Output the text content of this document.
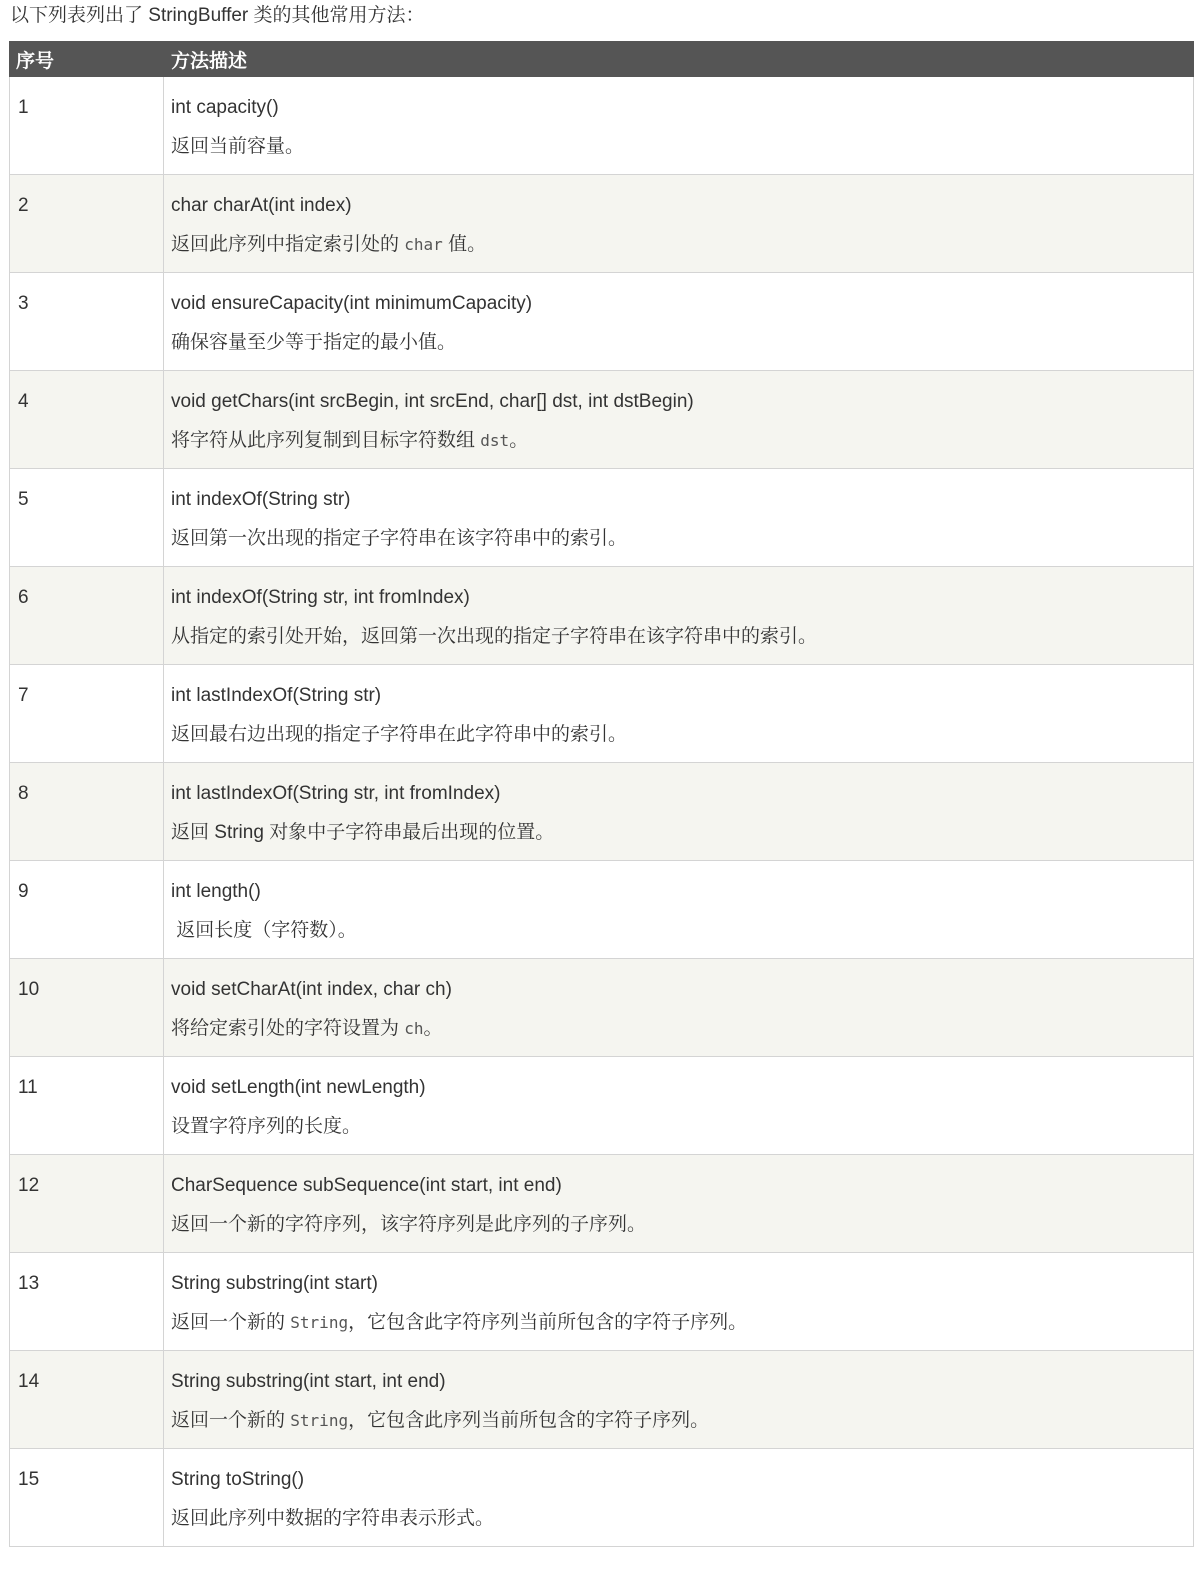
以下列表列出了 StringBuffer 类的其他常用方法：
序号	方法描述
1	int capacity()
返回当前容量。

2	char charAt(int index)
返回此序列中指定索引处的 char 值。

3	void ensureCapacity(int minimumCapacity)
确保容量至少等于指定的最小值。

4	void getChars(int srcBegin, int srcEnd, char[] dst, int dstBegin)
将字符从此序列复制到目标字符数组 dst。

5	int indexOf(String str)
返回第一次出现的指定子字符串在该字符串中的索引。

6	int indexOf(String str, int fromIndex)
从指定的索引处开始，返回第一次出现的指定子字符串在该字符串中的索引。

7	int lastIndexOf(String str)
返回最右边出现的指定子字符串在此字符串中的索引。

8	int lastIndexOf(String str, int fromIndex)
返回 String 对象中子字符串最后出现的位置。

9	int length()
返回长度（字符数）。

10	void setCharAt(int index, char ch)
将给定索引处的字符设置为 ch。

11	void setLength(int newLength)
设置字符序列的长度。

12	CharSequence subSequence(int start, int end)
返回一个新的字符序列，该字符序列是此序列的子序列。

13	String substring(int start)
返回一个新的 String，它包含此字符序列当前所包含的字符子序列。

14	String substring(int start, int end)
返回一个新的 String，它包含此序列当前所包含的字符子序列。

15	String toString()
返回此序列中数据的字符串表示形式。
